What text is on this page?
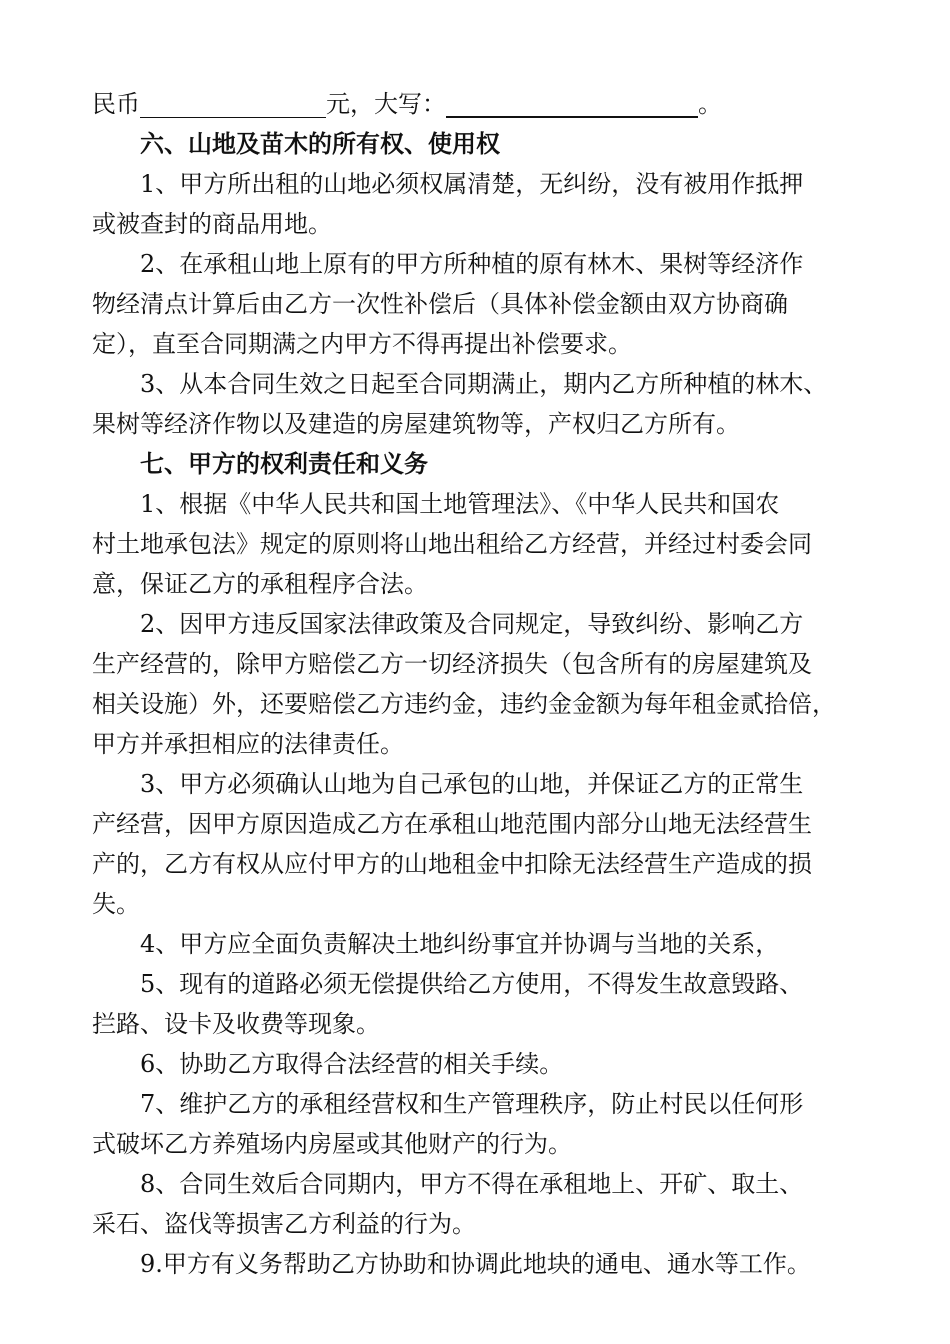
民币	元，大写：	。
六、山地及苗木的所有权、使用权
1、甲方所出租的山地必须权属清楚，无纠纷，没有被用作抵押
或被查封的商品用地。
2、在承租山地上原有的甲方所种植的原有林木、果树等经济作
物经清点计算后由乙方一次性补偿后（具体补偿金额由双方协商确
定），直至合同期满之内甲方不得再提出补偿要求。
3、从本合同生效之日起至合同期满止，期内乙方所种植的林木、
果树等经济作物以及建造的房屋建筑物等，产权归乙方所有。
七、甲方的权利责任和义务
1、根据《中华人民共和国土地管理法》、《中华人民共和国农
村土地承包法》规定的原则将山地出租给乙方经营，并经过村委会同
意，保证乙方的承租程序合法。
2、因甲方违反国家法律政策及合同规定，导致纠纷、影响乙方
生产经营的，除甲方赔偿乙方一切经济损失（包含所有的房屋建筑及
相关设施）外，还要赔偿乙方违约金，违约金金额为每年租金贰拾倍，
甲方并承担相应的法律责任。
3、甲方必须确认山地为自己承包的山地，并保证乙方的正常生
产经营，因甲方原因造成乙方在承租山地范围内部分山地无法经营生
产的，乙方有权从应付甲方的山地租金中扣除无法经营生产造成的损
失。
4、甲方应全面负责解决土地纠纷事宜并协调与当地的关系，
5、现有的道路必须无偿提供给乙方使用，不得发生故意毁路、
拦路、设卡及收费等现象。
6、协助乙方取得合法经营的相关手续。
7、维护乙方的承租经营权和生产管理秩序，防止村民以任何形
式破坏乙方养殖场内房屋或其他财产的行为。
8、合同生效后合同期内，甲方不得在承租地上、开矿、取土、
采石、盗伐等损害乙方利益的行为。
9.甲方有义务帮助乙方协助和协调此地块的通电、通水等工作。
